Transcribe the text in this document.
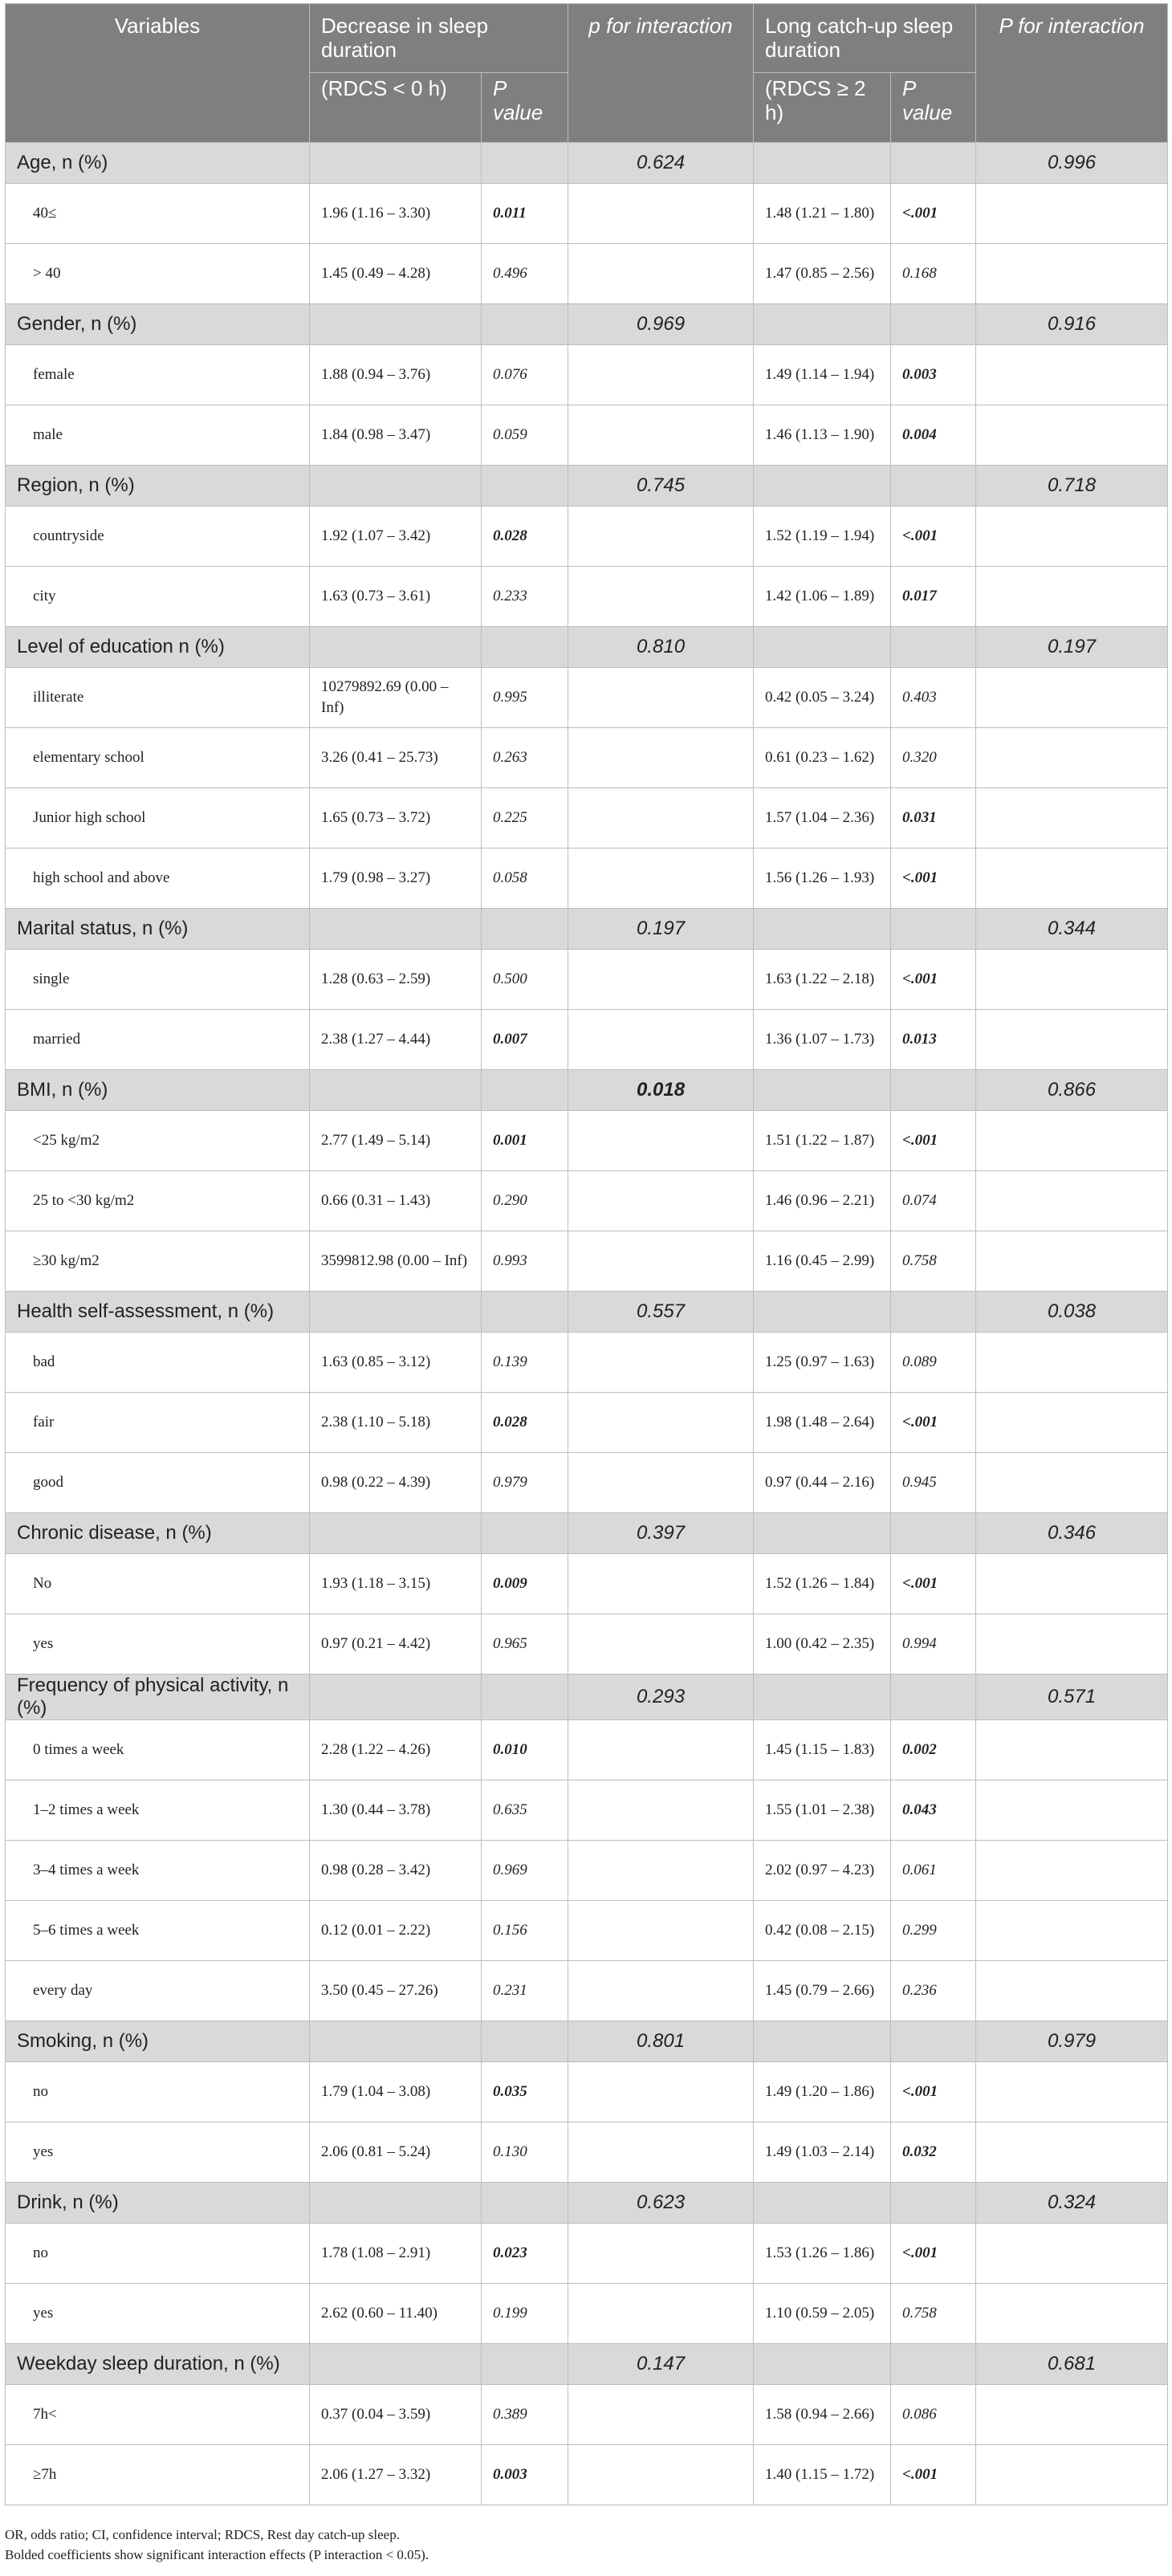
Variables	Decrease in sleep duration		p for interaction	Long catch-up sleep duration		P for interaction
	(RDCS < 0 h)	P value		(RDCS ≥ 2 h)	P value	
Age, n (%)			0.624			0.996
40≤	1.96 (1.16 – 3.30)	0.011		1.48 (1.21 – 1.80)	<.001	
> 40	1.45 (0.49 – 4.28)	0.496		1.47 (0.85 – 2.56)	0.168	
Gender, n (%)			0.969			0.916
female	1.88 (0.94 – 3.76)	0.076		1.49 (1.14 – 1.94)	0.003	
male	1.84 (0.98 – 3.47)	0.059		1.46 (1.13 – 1.90)	0.004	
Region, n (%)			0.745			0.718
countryside	1.92 (1.07 – 3.42)	0.028		1.52 (1.19 – 1.94)	<.001	
city	1.63 (0.73 – 3.61)	0.233		1.42 (1.06 – 1.89)	0.017	
Level of education n (%)			0.810			0.197
illiterate	10279892.69 (0.00 – Inf)	0.995		0.42 (0.05 – 3.24)	0.403	
elementary school	3.26 (0.41 – 25.73)	0.263		0.61 (0.23 – 1.62)	0.320	
Junior high school	1.65 (0.73 – 3.72)	0.225		1.57 (1.04 – 2.36)	0.031	
high school and above	1.79 (0.98 – 3.27)	0.058		1.56 (1.26 – 1.93)	<.001	
Marital status, n (%)			0.197			0.344
single	1.28 (0.63 – 2.59)	0.500		1.63 (1.22 – 2.18)	<.001	
married	2.38 (1.27 – 4.44)	0.007		1.36 (1.07 – 1.73)	0.013	
BMI, n (%)			0.018			0.866
<25 kg/m2	2.77 (1.49 – 5.14)	0.001		1.51 (1.22 – 1.87)	<.001	
25 to <30 kg/m2	0.66 (0.31 – 1.43)	0.290		1.46 (0.96 – 2.21)	0.074	
≥30 kg/m2	3599812.98 (0.00 – Inf)	0.993		1.16 (0.45 – 2.99)	0.758	
Health self-assessment, n (%)			0.557			0.038
bad	1.63 (0.85 – 3.12)	0.139		1.25 (0.97 – 1.63)	0.089	
fair	2.38 (1.10 – 5.18)	0.028		1.98 (1.48 – 2.64)	<.001	
good	0.98 (0.22 – 4.39)	0.979		0.97 (0.44 – 2.16)	0.945	
Chronic disease, n (%)			0.397			0.346
No	1.93 (1.18 – 3.15)	0.009		1.52 (1.26 – 1.84)	<.001	
yes	0.97 (0.21 – 4.42)	0.965		1.00 (0.42 – 2.35)	0.994	
Frequency of physical activity, n (%)			0.293			0.571
0 times a week	2.28 (1.22 – 4.26)	0.010		1.45 (1.15 – 1.83)	0.002	
1–2 times a week	1.30 (0.44 – 3.78)	0.635		1.55 (1.01 – 2.38)	0.043	
3–4 times a week	0.98 (0.28 – 3.42)	0.969		2.02 (0.97 – 4.23)	0.061	
5–6 times a week	0.12 (0.01 – 2.22)	0.156		0.42 (0.08 – 2.15)	0.299	
every day	3.50 (0.45 – 27.26)	0.231		1.45 (0.79 – 2.66)	0.236	
Smoking, n (%)			0.801			0.979
no	1.79 (1.04 – 3.08)	0.035		1.49 (1.20 – 1.86)	<.001	
yes	2.06 (0.81 – 5.24)	0.130		1.49 (1.03 – 2.14)	0.032	
Drink, n (%)			0.623			0.324
no	1.78 (1.08 – 2.91)	0.023		1.53 (1.26 – 1.86)	<.001	
yes	2.62 (0.60 – 11.40)	0.199		1.10 (0.59 – 2.05)	0.758	
Weekday sleep duration, n (%)			0.147			0.681
7h<	0.37 (0.04 – 3.59)	0.389		1.58 (0.94 – 2.66)	0.086	
≥7h	2.06 (1.27 – 3.32)	0.003		1.40 (1.15 – 1.72)	<.001	
OR, odds ratio; CI, confidence interval; RDCS, Rest day catch-up sleep.
Bolded coefficients show significant interaction effects (P interaction < 0.05).
